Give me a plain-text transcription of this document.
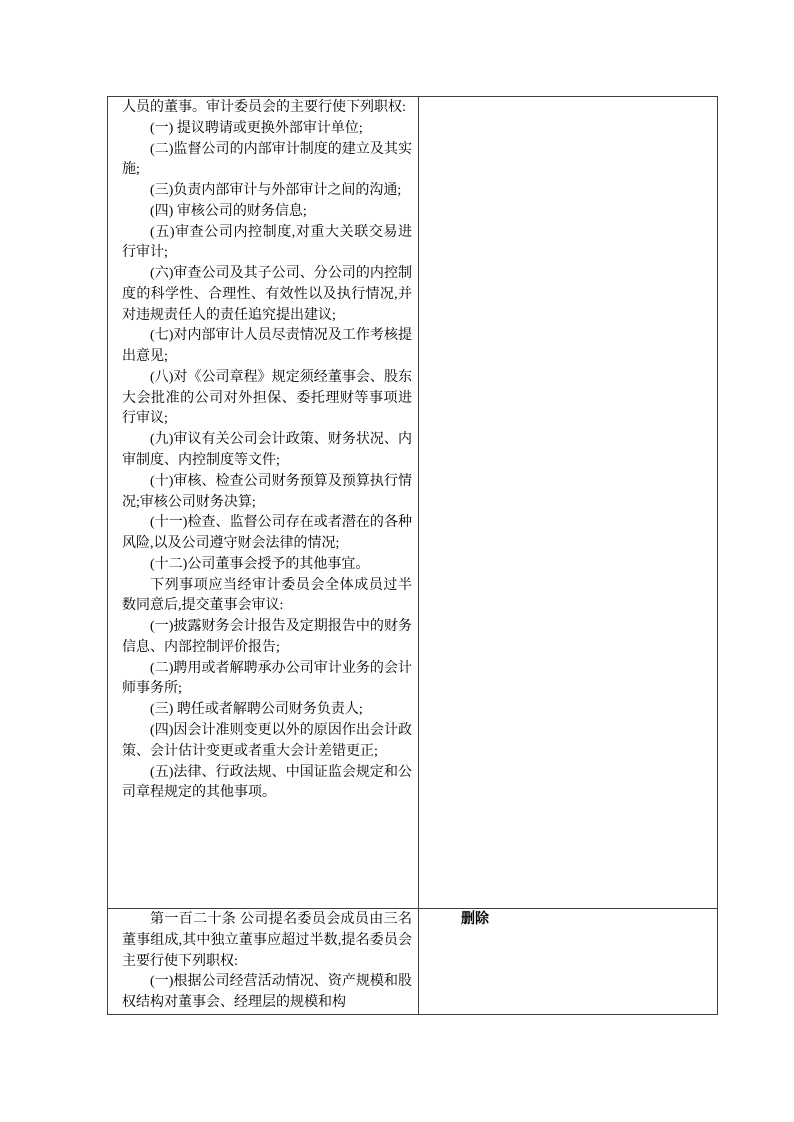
人员的董事。审计委员会的主要行使下列职权:

(一) 提议聘请或更换外部审计单位;

(二)监督公司的内部审计制度的建立及其实施;

(三)负责内部审计与外部审计之间的沟通;

(四) 审核公司的财务信息;

(五)审查公司内控制度,对重大关联交易进行审计;

(六)审查公司及其子公司、分公司的内控制度的科学性、合理性、有效性以及执行情况,并对违规责任人的责任追究提出建议;

(七)对内部审计人员尽责情况及工作考核提出意见;

(八)对《公司章程》规定须经董事会、股东大会批准的公司对外担保、委托理财等事项进行审议;

(九)审议有关公司会计政策、财务状况、内审制度、内控制度等文件;

(十)审核、检查公司财务预算及预算执行情况;审核公司财务决算;

(十一)检查、监督公司存在或者潜在的各种风险,以及公司遵守财会法律的情况;

(十二)公司董事会授予的其他事宜。

下列事项应当经审计委员会全体成员过半数同意后,提交董事会审议:

(一)披露财务会计报告及定期报告中的财务信息、内部控制评价报告;

(二)聘用或者解聘承办公司审计业务的会计师事务所;

(三) 聘任或者解聘公司财务负责人;

(四)因会计准则变更以外的原因作出会计政策、会计估计变更或者重大会计差错更正;

(五)法律、行政法规、中国证监会规定和公司章程规定的其他事项。

第一百二十条 公司提名委员会成员由三名董事组成,其中独立董事应超过半数,提名委员会主要行使下列职权:

(一)根据公司经营活动情况、资产规模和股权结构对董事会、经理层的规模和构	删除
